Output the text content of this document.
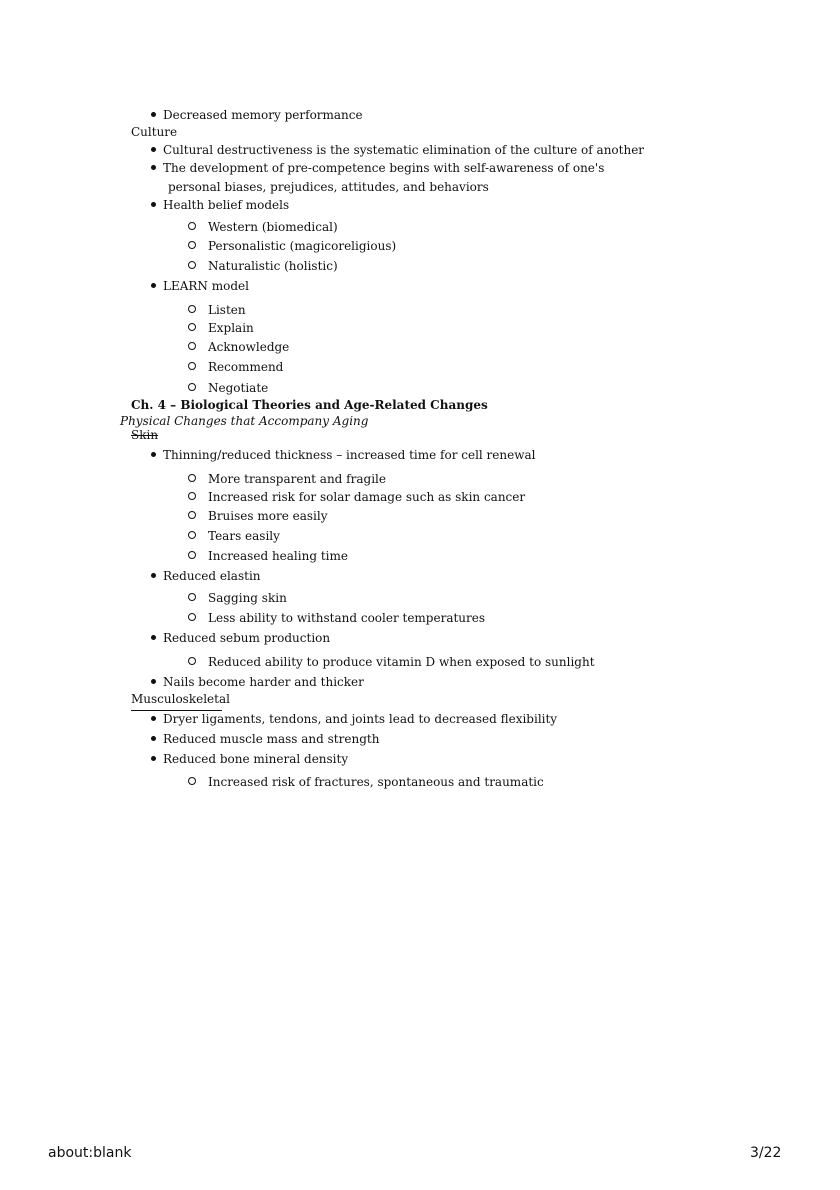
Decreased memory performance
Culture
Cultural destructiveness is the systematic elimination of the culture of another
The development of pre-competence begins with self-awareness of one's
personal biases, prejudices, attitudes, and behaviors
Health belief models
Western (biomedical)
Personalistic (magicoreligious)
Naturalistic (holistic)
LEARN model
Listen
Explain
Acknowledge
Recommend
Negotiate
Ch. 4 – Biological Theories and Age-Related Changes
Physical Changes that Accompany Aging
Skin
Thinning/reduced thickness – increased time for cell renewal
More transparent and fragile
Increased risk for solar damage such as skin cancer
Bruises more easily
Tears easily
Increased healing time
Reduced elastin
Sagging skin
Less ability to withstand cooler temperatures
Reduced sebum production
Reduced ability to produce vitamin D when exposed to sunlight
Nails become harder and thicker
Musculoskeletal
Dryer ligaments, tendons, and joints lead to decreased flexibility
Reduced muscle mass and strength
Reduced bone mineral density
Increased risk of fractures, spontaneous and traumatic
about:blank	3/22
